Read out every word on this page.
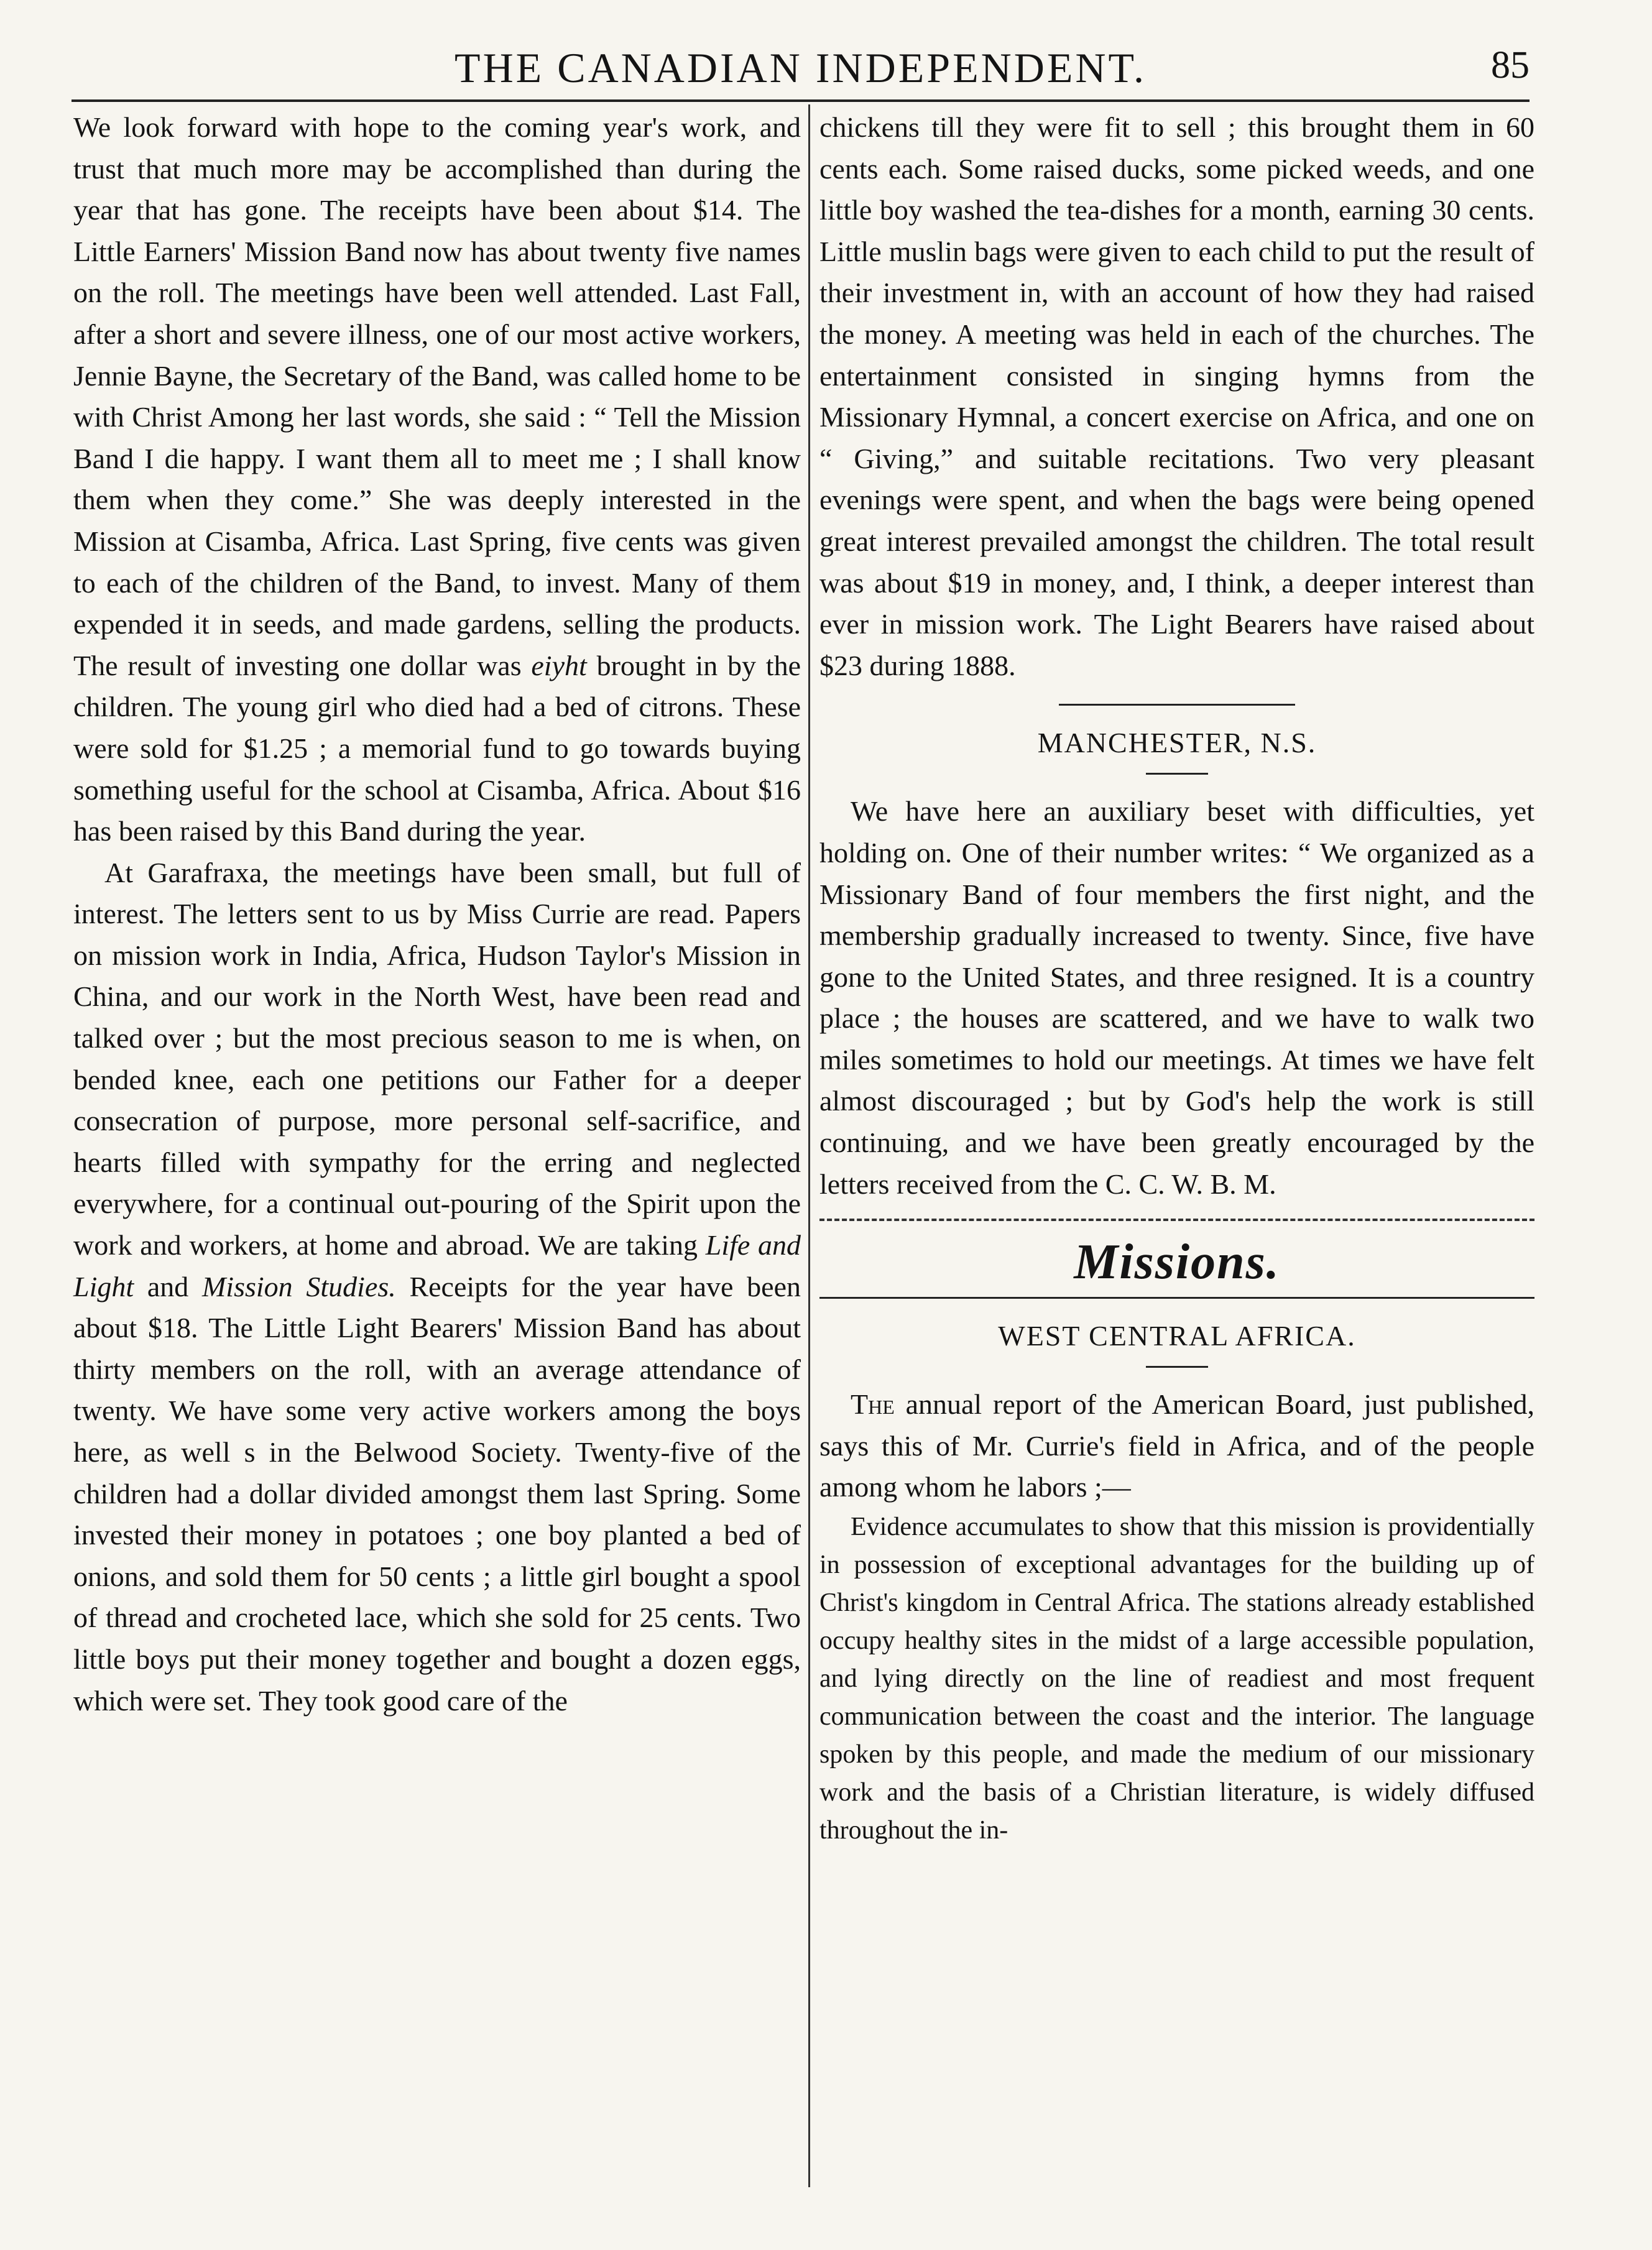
THE CANADIAN INDEPENDENT.	85

We look forward with hope to the coming year's work, and trust that much more may be accomplished than during the year that has gone. The receipts have been about $14. The Little Earners' Mission Band now has about twenty five names on the roll. The meetings have been well attended. Last Fall, after a short and severe illness, one of our most active workers, Jennie Bayne, the Secretary of the Band, was called home to be with Christ Among her last words, she said : “ Tell the Mission Band I die happy. I want them all to meet me ; I shall know them when they come.” She was deeply interested in the Mission at Cisamba, Africa. Last Spring, five cents was given to each of the children of the Band, to invest. Many of them expended it in seeds, and made gardens, selling the products. The result of investing one dollar was eiyht brought in by the children. The young girl who died had a bed of citrons. These were sold for $1.25 ; a memorial fund to go towards buying something useful for the school at Cisamba, Africa. About $16 has been raised by this Band during the year.

At Garafraxa, the meetings have been small, but full of interest. The letters sent to us by Miss Currie are read. Papers on mission work in India, Africa, Hudson Taylor's Mission in China, and our work in the North West, have been read and talked over ; but the most precious season to me is when, on bended knee, each one petitions our Father for a deeper consecration of purpose, more personal self-sacrifice, and hearts filled with sympathy for the erring and neglected everywhere, for a continual out-pouring of the Spirit upon the work and workers, at home and abroad. We are taking Life and Light and Mission Studies. Receipts for the year have been about $18. The Little Light Bearers' Mission Band has about thirty members on the roll, with an average attendance of twenty. We have some very active workers among the boys here, as well s in the Belwood Society. Twenty-five of the children had a dollar divided amongst them last Spring. Some invested their money in potatoes ; one boy planted a bed of onions, and sold them for 50 cents ; a little girl bought a spool of thread and crocheted lace, which she sold for 25 cents. Two little boys put their money together and bought a dozen eggs, which were set. They took good care of the

chickens till they were fit to sell ; this brought them in 60 cents each. Some raised ducks, some picked weeds, and one little boy washed the tea-dishes for a month, earning 30 cents. Little muslin bags were given to each child to put the result of their investment in, with an account of how they had raised the money. A meeting was held in each of the churches. The entertainment consisted in singing hymns from the Missionary Hymnal, a concert exercise on Africa, and one on “ Giving,” and suitable recitations. Two very pleasant evenings were spent, and when the bags were being opened great interest prevailed amongst the children. The total result was about $19 in money, and, I think, a deeper interest than ever in mission work. The Light Bearers have raised about $23 during 1888.

MANCHESTER, N.S.

We have here an auxiliary beset with difficulties, yet holding on. One of their number writes: “ We organized as a Missionary Band of four members the first night, and the membership gradually increased to twenty. Since, five have gone to the United States, and three resigned. It is a country place ; the houses are scattered, and we have to walk two miles sometimes to hold our meetings. At times we have felt almost discouraged ; but by God's help the work is still continuing, and we have been greatly encouraged by the letters received from the C. C. W. B. M.

Missions.
WEST CENTRAL AFRICA.

The annual report of the American Board, just published, says this of Mr. Currie's field in Africa, and of the people among whom he labors ;—

Evidence accumulates to show that this mission is providentially in possession of exceptional advantages for the building up of Christ's kingdom in Central Africa. The stations already established occupy healthy sites in the midst of a large accessible population, and lying directly on the line of readiest and most frequent communication between the coast and the interior. The language spoken by this people, and made the medium of our missionary work and the basis of a Christian literature, is widely diffused throughout the in-
